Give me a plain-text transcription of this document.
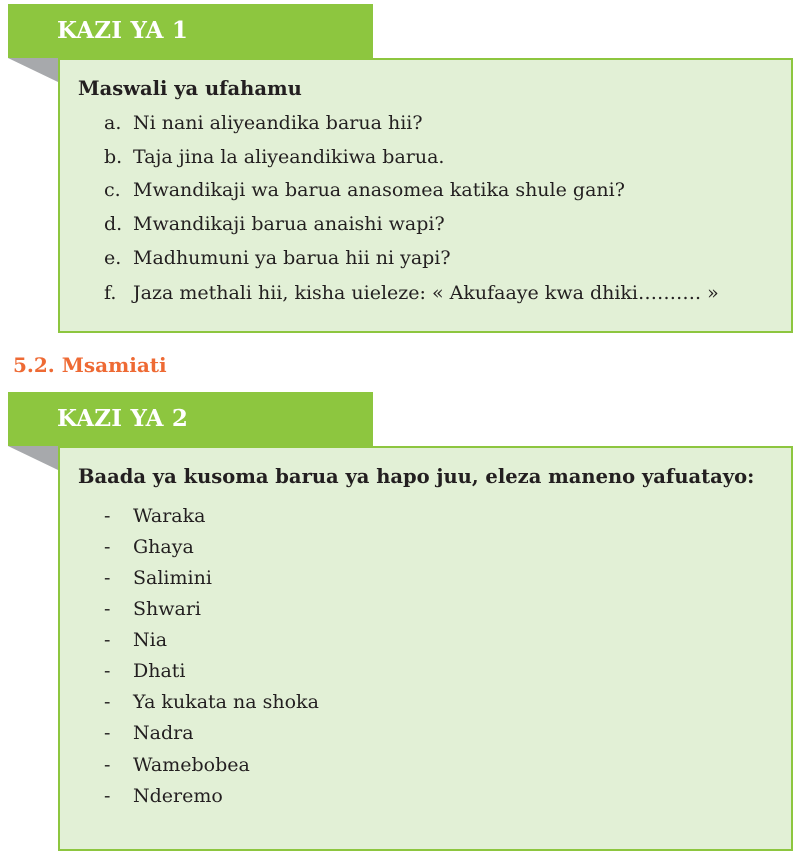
KAZI YA 1
Maswali ya ufahamu
a. Ni nani aliyeandika barua hii?
b. Taja jina la aliyeandikiwa barua.
c. Mwandikaji wa barua anasomea katika shule gani?
d. Mwandikaji barua anaishi wapi?
e. Madhumuni ya barua hii ni yapi?
f. Jaza methali hii, kisha uieleze: « Akufaaye kwa dhiki………. »
5.2. Msamiati
KAZI YA 2
Baada ya kusoma barua ya hapo juu, eleza maneno yafuatayo:
-	Waraka
-	Ghaya
-	Salimini
-	Shwari
-	Nia
-	Dhati
-	Ya kukata na shoka
-	Nadra
-	Wamebobea
-	Nderemo
